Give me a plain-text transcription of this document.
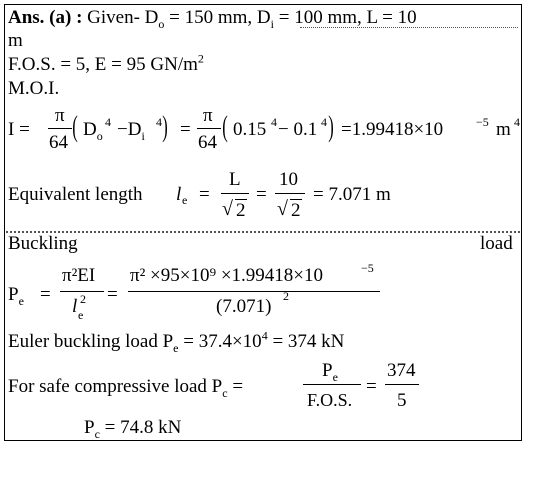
Ans. (a) : Given- $D_o = 150$ mm, $D_i = 100$ mm, L = 10
m
F.O.S. = 5, E = 95 $GN/m^2$
M.O.I.
I =
π
64 ( $D_o$
$4 -D_i$
4 ) =
π
64 ( 0.15 4 − 0.1 4 ) =1.99418×10	−5 m 4
Equivalent length l e =
L
√ 2
=
10
√ 2
= 7.071 m
Buckling	load
$P_e$ =
π²EI
l 2
e
=
π² ×95×10⁹ ×1.99418×10	−5
(7.071) 2
Euler buckling load $P_e = 37.4\times 10^4 = 374$ kN
For safe compressive load $P_c$ =
$P_e$
F.O.S.
=
374
5
$P_c = 74.8$ kN
